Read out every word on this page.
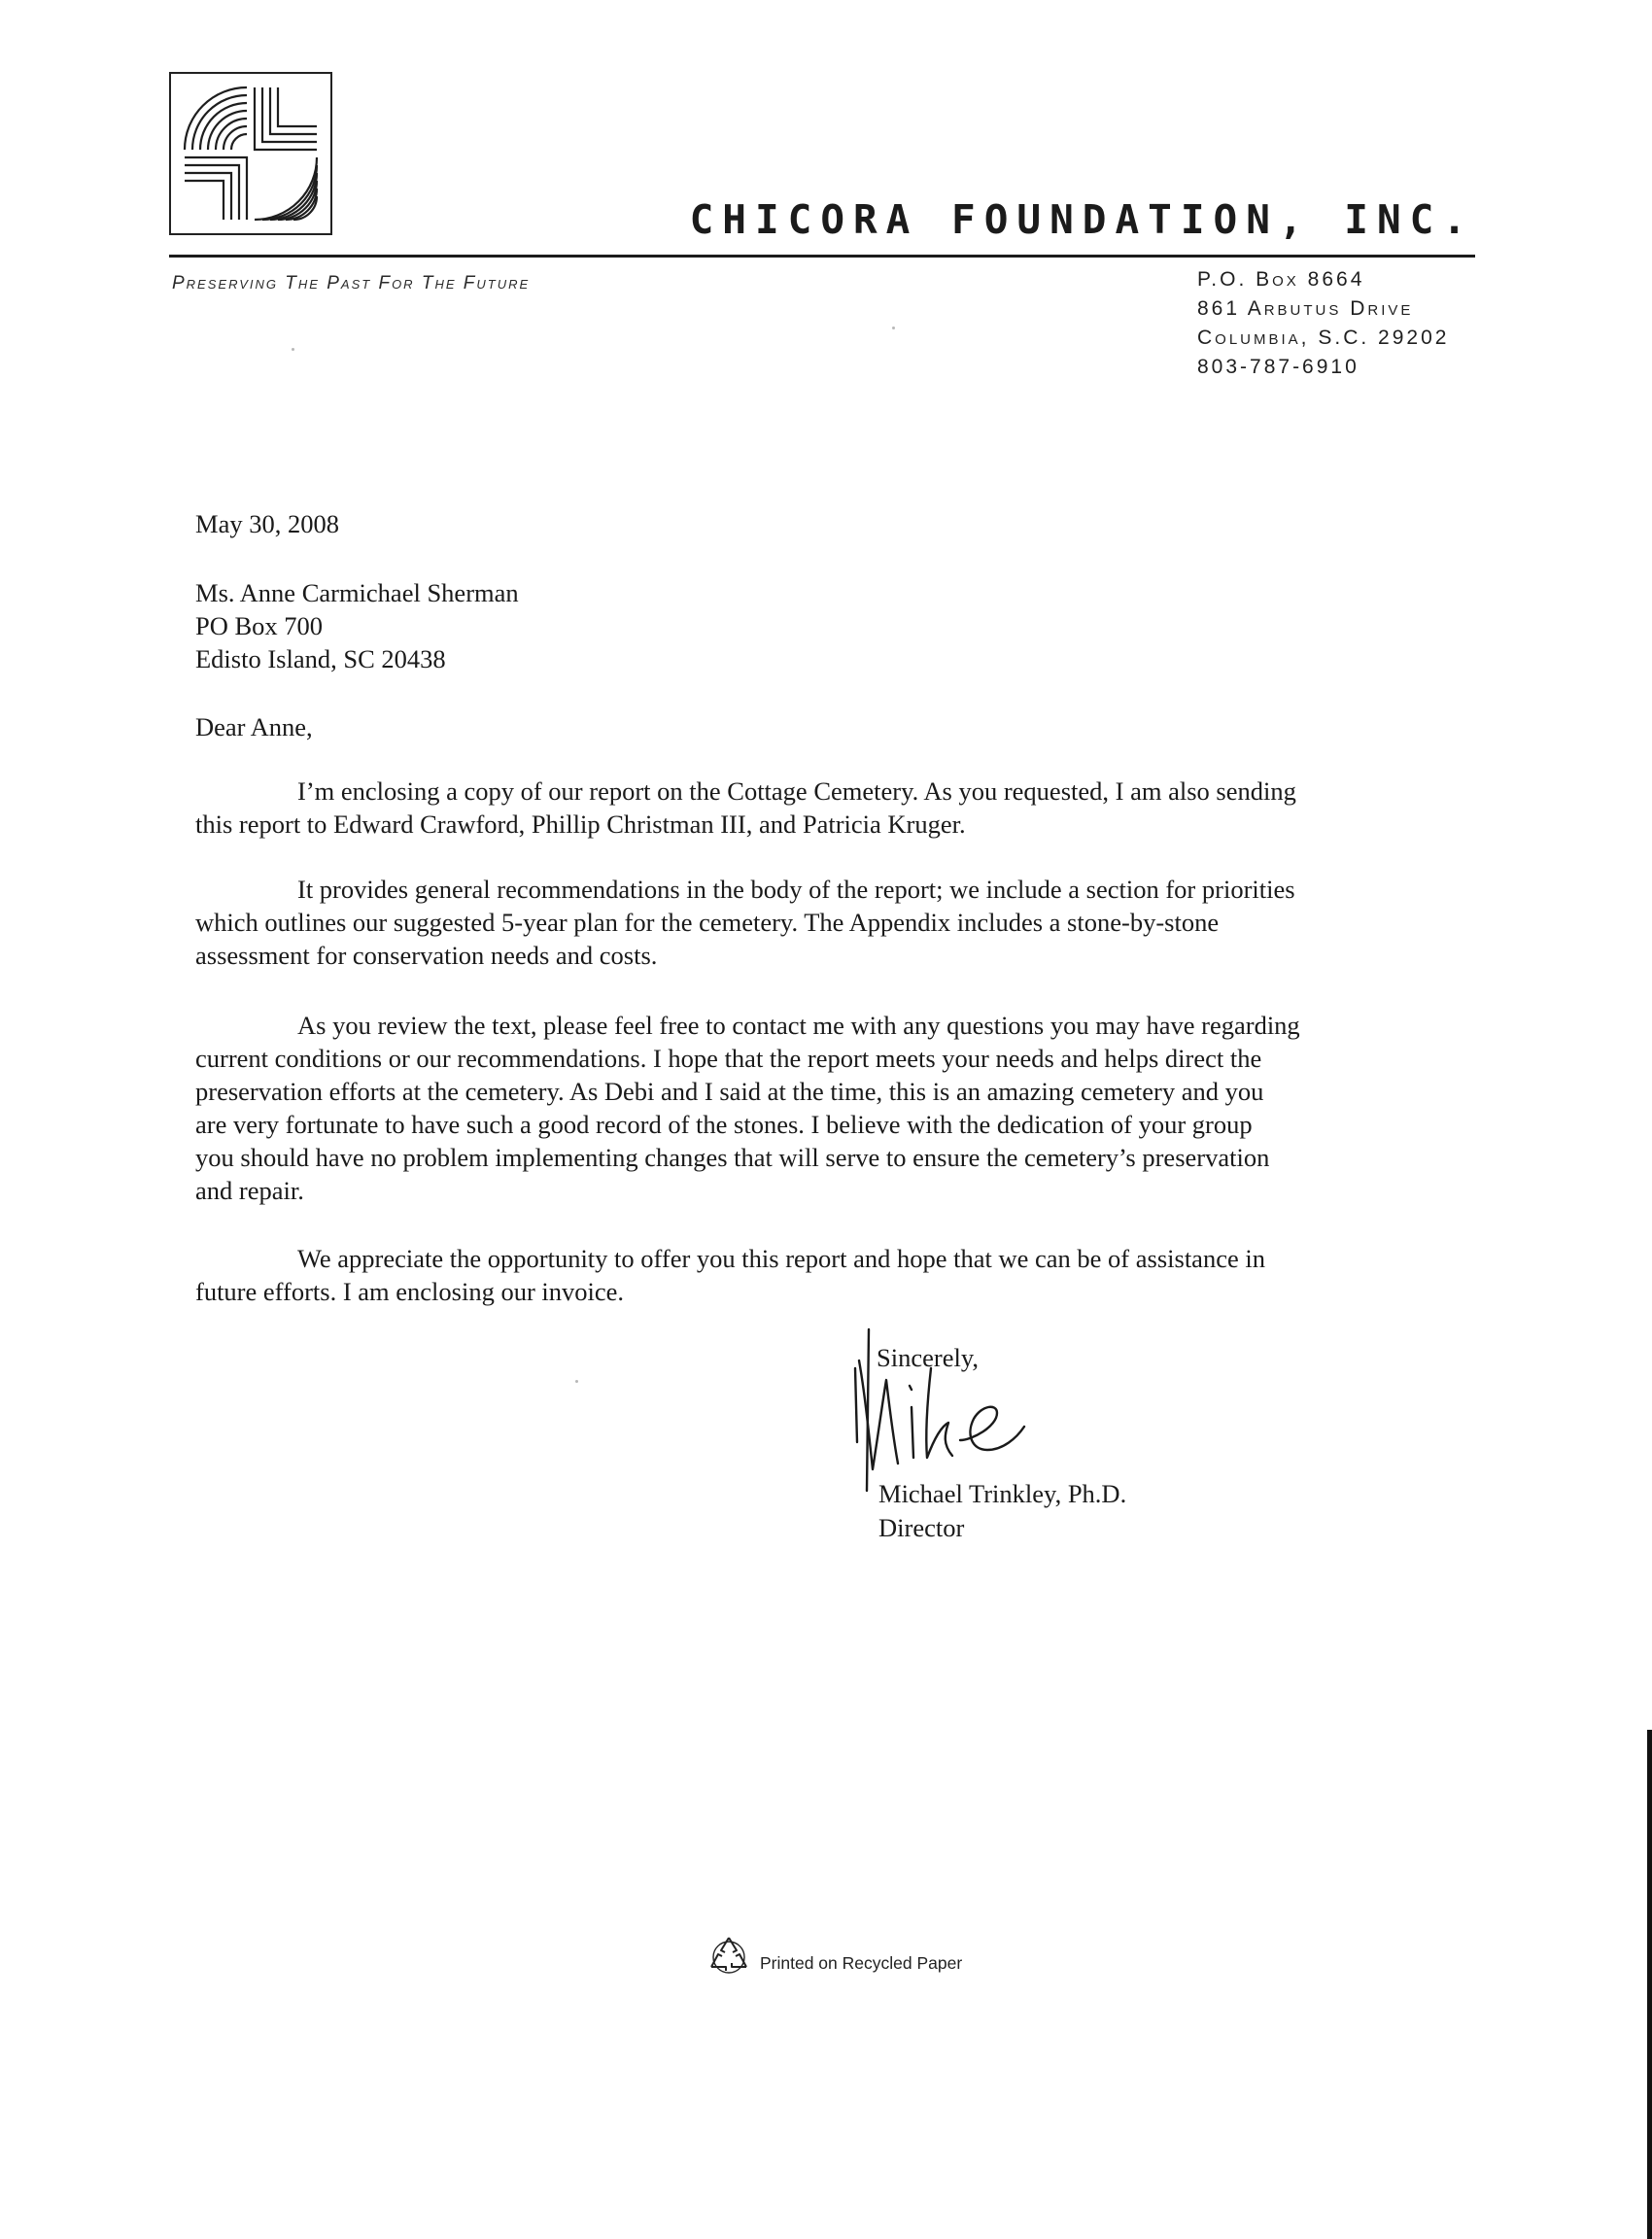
CHICORA FOUNDATION, INC.
Preserving The Past For The Future	P.O. Box 8664
861 Arbutus Drive
Columbia, S.C. 29202
803-787-6910
May 30, 2008
Ms. Anne Carmichael Sherman
PO Box 700
Edisto Island, SC 20438
Dear Anne,
I’m enclosing a copy of our report on the Cottage Cemetery. As you requested, I am also sending
this report to Edward Crawford, Phillip Christman III, and Patricia Kruger.
It provides general recommendations in the body of the report; we include a section for priorities
which outlines our suggested 5-year plan for the cemetery. The Appendix includes a stone-by-stone
assessment for conservation needs and costs.
As you review the text, please feel free to contact me with any questions you may have regarding
current conditions or our recommendations. I hope that the report meets your needs and helps direct the
preservation efforts at the cemetery. As Debi and I said at the time, this is an amazing cemetery and you
are very fortunate to have such a good record of the stones. I believe with the dedication of your group
you should have no problem implementing changes that will serve to ensure the cemetery’s preservation
and repair.
We appreciate the opportunity to offer you this report and hope that we can be of assistance in
future efforts. I am enclosing our invoice.
Sincerely,
Michael Trinkley, Ph.D.
Director
Printed on Recycled Paper
